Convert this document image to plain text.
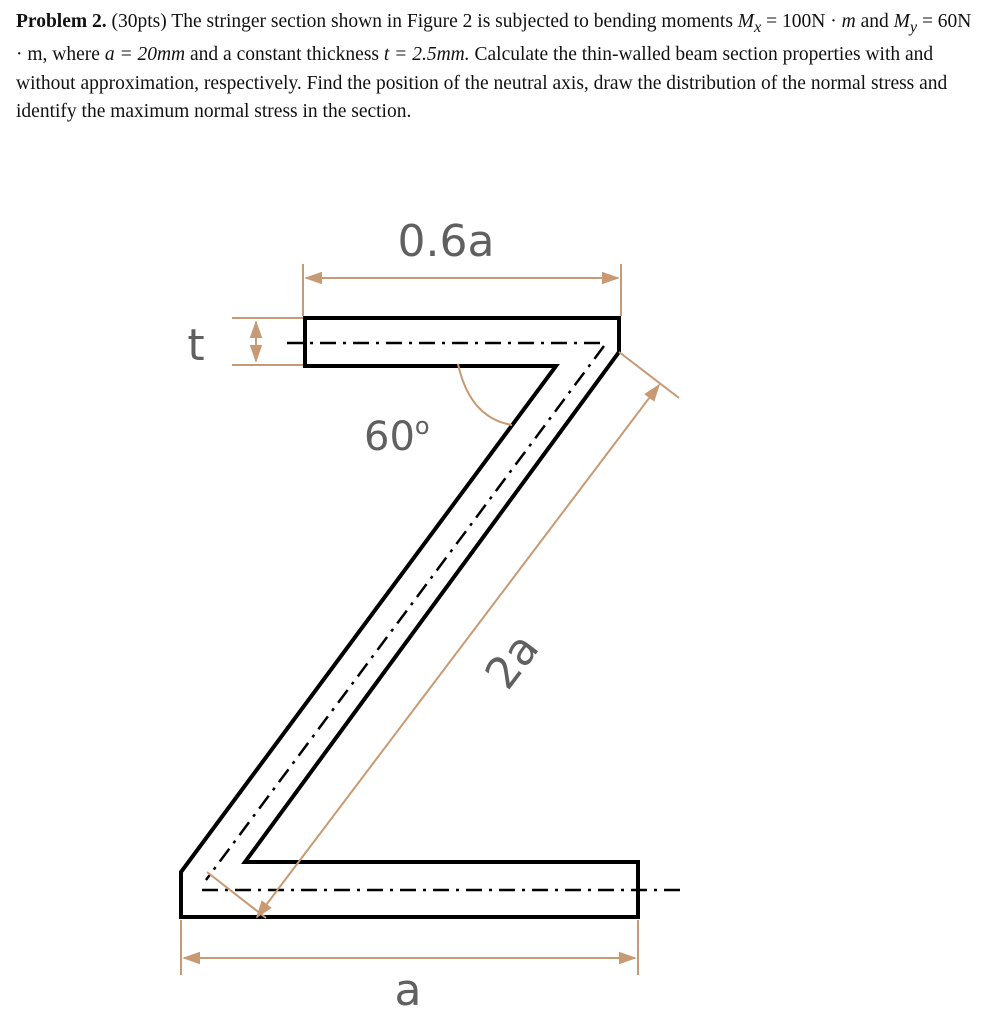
Problem 2. (30pts) The stringer section shown in Figure 2 is subjected to bending moments $M_x = 100N \cdot m$ and $M_y = 60N \cdot m$, where a = 20mm and a constant thickness t = 2.5mm. Calculate the thin-walled beam section properties with and without approximation, respectively. Find the position of the neutral axis, draw the distribution of the normal stress and identify the maximum normal stress in the section.

0.6a
t
60$^o$
2a
a
